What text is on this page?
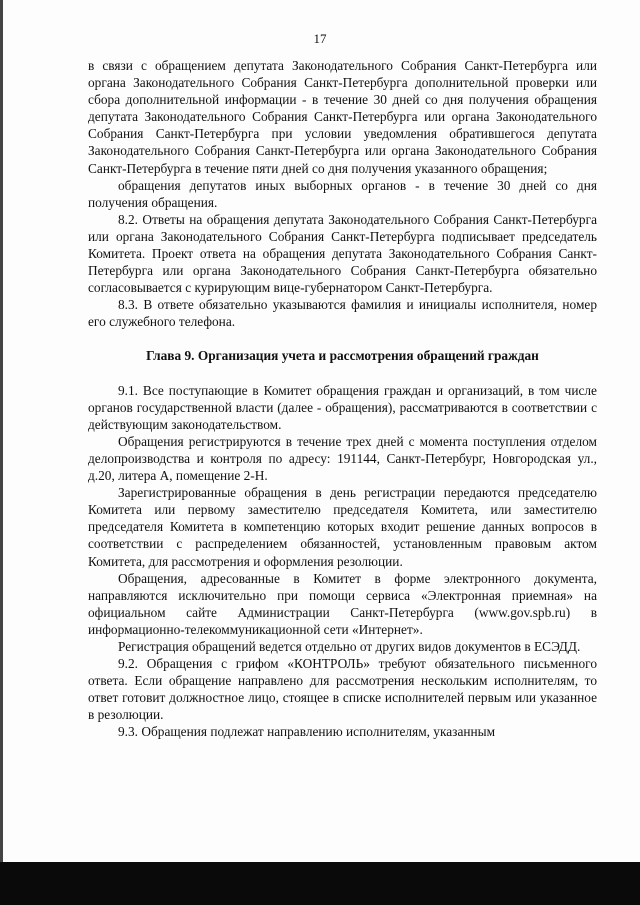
17

в связи с обращением депутата Законодательного Собрания Санкт-Петербурга или органа Законодательного Собрания Санкт-Петербурга дополнительной проверки или сбора дополнительной информации - в течение 30 дней со дня получения обращения депутата Законодательного Собрания Санкт-Петербурга или органа Законодательного Собрания Санкт-Петербурга при условии уведомления обратившегося депутата Законодательного Собрания Санкт-Петербурга или органа Законодательного Собрания Санкт-Петербурга в течение пяти дней со дня получения указанного обращения;

обращения депутатов иных выборных органов - в течение 30 дней со дня получения обращения.

8.2. Ответы на обращения депутата Законодательного Собрания Санкт-Петербурга или органа Законодательного Собрания Санкт-Петербурга подписывает председатель Комитета. Проект ответа на обращения депутата Законодательного Собрания Санкт-Петербурга или органа Законодательного Собрания Санкт-Петербурга обязательно согласовывается с курирующим вице-губернатором Санкт-Петербурга.

8.3. В ответе обязательно указываются фамилия и инициалы исполнителя, номер его служебного телефона.

Глава 9. Организация учета и рассмотрения обращений граждан

9.1. Все поступающие в Комитет обращения граждан и организаций, в том числе органов государственной власти (далее - обращения), рассматриваются в соответствии с действующим законодательством.

Обращения регистрируются в течение трех дней с момента поступления отделом делопроизводства и контроля по адресу: 191144, Санкт-Петербург, Новгородская ул., д.20, литера А, помещение 2-Н.

Зарегистрированные обращения в день регистрации передаются председателю Комитета или первому заместителю председателя Комитета, или заместителю председателя Комитета в компетенцию которых входит решение данных вопросов в соответствии с распределением обязанностей, установленным правовым актом Комитета, для рассмотрения и оформления резолюции.

Обращения, адресованные в Комитет в форме электронного документа, направляются исключительно при помощи сервиса «Электронная приемная» на официальном сайте Администрации Санкт-Петербурга (www.gov.spb.ru) в информационно-телекоммуникационной сети «Интернет».

Регистрация обращений ведется отдельно от других видов документов в ЕСЭДД.

9.2. Обращения с грифом «КОНТРОЛЬ» требуют обязательного письменного ответа. Если обращение направлено для рассмотрения нескольким исполнителям, то ответ готовит должностное лицо, стоящее в списке исполнителей первым или указанное в резолюции.

9.3. Обращения подлежат направлению исполнителям, указанным
